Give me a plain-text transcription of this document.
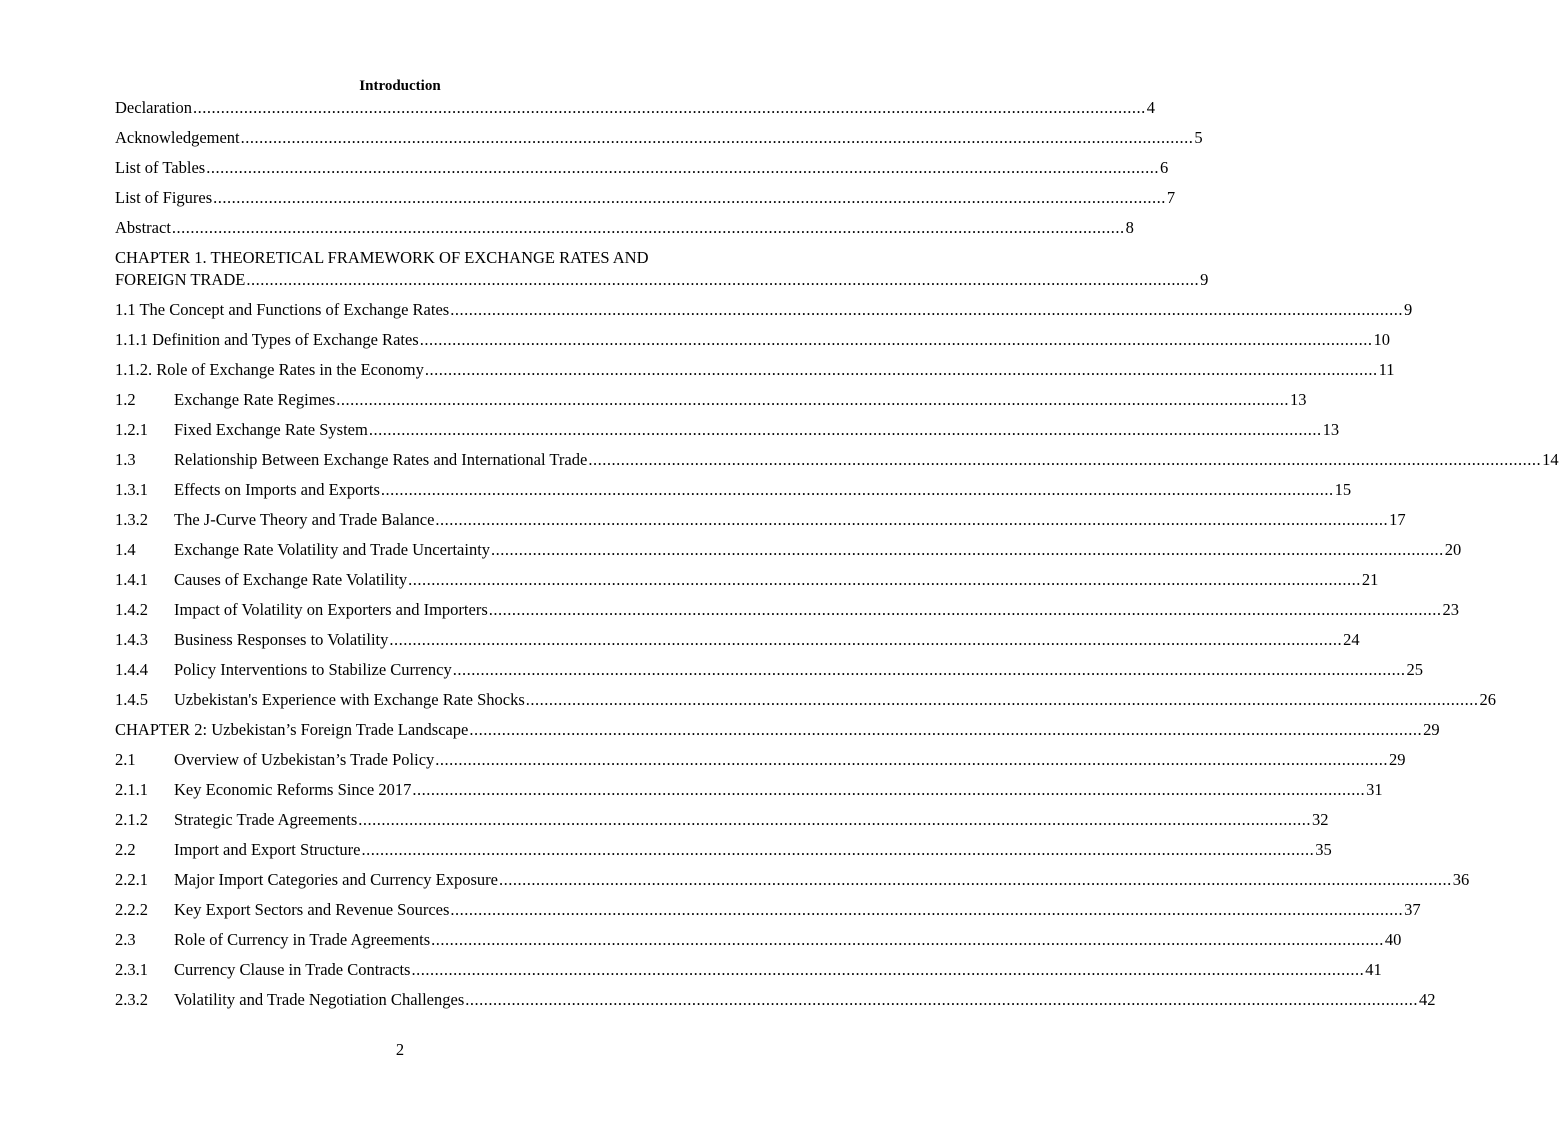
Introduction
Declaration .............................................................................................................................................................................................................. 4
Acknowledgement .............................................................................................................................................................................................................. 5
List of Tables .............................................................................................................................................................................................................. 6
List of Figures .............................................................................................................................................................................................................. 7
Abstract .............................................................................................................................................................................................................. 8
CHAPTER 1. THEORETICAL FRAMEWORK OF EXCHANGE RATES AND
FOREIGN TRADE .............................................................................................................................................................................................................. 9
1.1 The Concept and Functions of Exchange Rates .............................................................................................................................................................................................................. 9
1.1.1 Definition and Types of Exchange Rates .............................................................................................................................................................................................................. 10
1.1.2. Role of Exchange Rates in the Economy .............................................................................................................................................................................................................. 11
1.2	Exchange Rate Regimes .............................................................................................................................................................................................................. 13
1.2.1	Fixed Exchange Rate System .............................................................................................................................................................................................................. 13
1.3	Relationship Between Exchange Rates and International Trade .............................................................................................................................................................................................................. 14
1.3.1	Effects on Imports and Exports .............................................................................................................................................................................................................. 15
1.3.2	The J-Curve Theory and Trade Balance .............................................................................................................................................................................................................. 17
1.4	Exchange Rate Volatility and Trade Uncertainty .............................................................................................................................................................................................................. 20
1.4.1	Causes of Exchange Rate Volatility .............................................................................................................................................................................................................. 21
1.4.2	Impact of Volatility on Exporters and Importers .............................................................................................................................................................................................................. 23
1.4.3	Business Responses to Volatility .............................................................................................................................................................................................................. 24
1.4.4	Policy Interventions to Stabilize Currency .............................................................................................................................................................................................................. 25
1.4.5	Uzbekistan's Experience with Exchange Rate Shocks .............................................................................................................................................................................................................. 26
CHAPTER 2: Uzbekistan’s Foreign Trade Landscape .............................................................................................................................................................................................................. 29
2.1	Overview of Uzbekistan’s Trade Policy .............................................................................................................................................................................................................. 29
2.1.1	Key Economic Reforms Since 2017 .............................................................................................................................................................................................................. 31
2.1.2	Strategic Trade Agreements .............................................................................................................................................................................................................. 32
2.2	Import and Export Structure .............................................................................................................................................................................................................. 35
2.2.1	Major Import Categories and Currency Exposure .............................................................................................................................................................................................................. 36
2.2.2	Key Export Sectors and Revenue Sources .............................................................................................................................................................................................................. 37
2.3	Role of Currency in Trade Agreements .............................................................................................................................................................................................................. 40
2.3.1	Currency Clause in Trade Contracts .............................................................................................................................................................................................................. 41
2.3.2	Volatility and Trade Negotiation Challenges .............................................................................................................................................................................................................. 42
2
